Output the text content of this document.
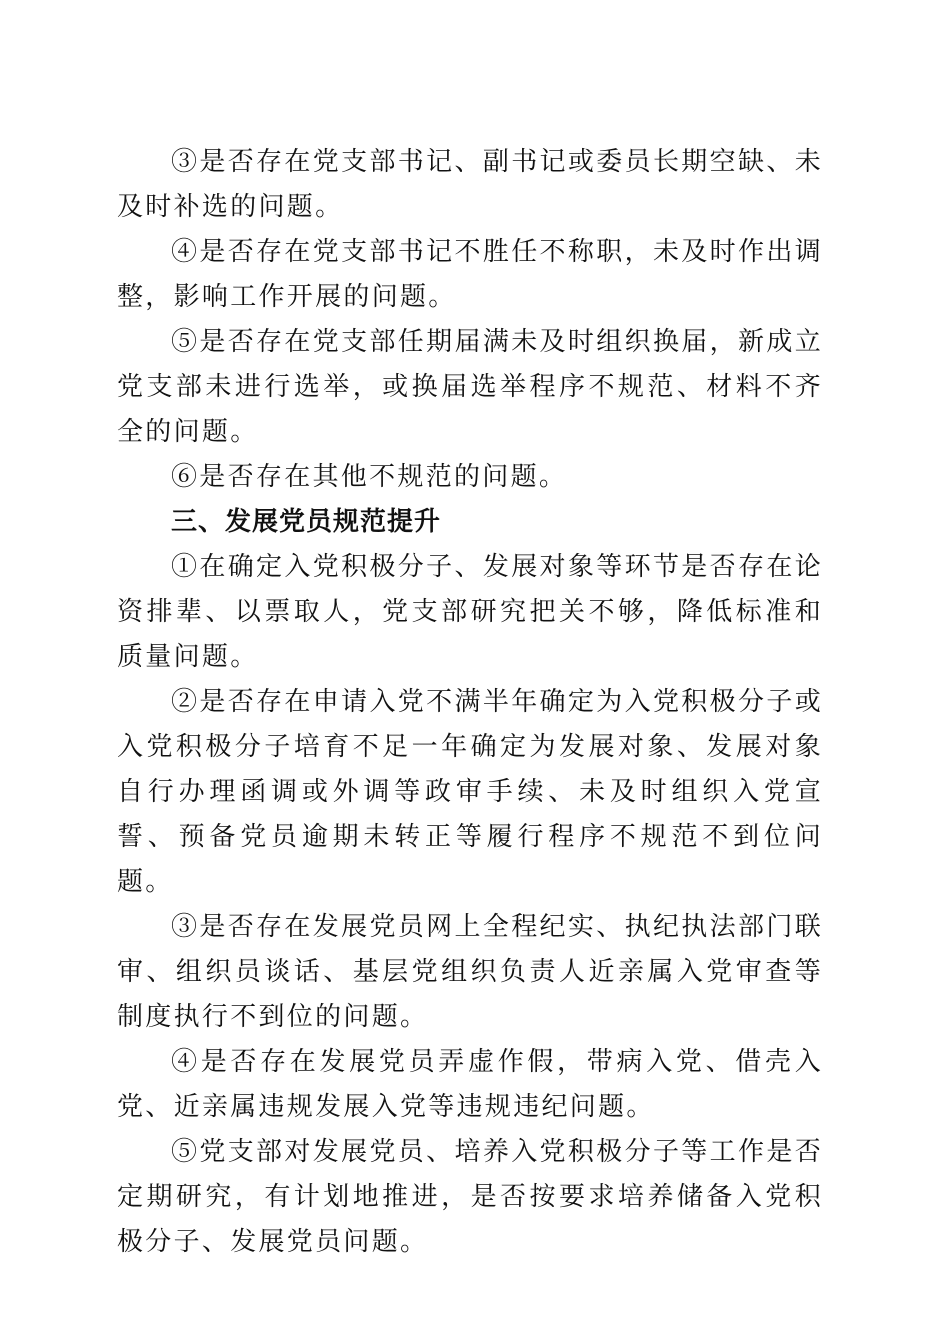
③是否存在党支部书记、副书记或委员长期空缺、未及时补选的问题。

④是否存在党支部书记不胜任不称职，未及时作出调整，影响工作开展的问题。

⑤是否存在党支部任期届满未及时组织换届，新成立党支部未进行选举，或换届选举程序不规范、材料不齐全的问题。

⑥是否存在其他不规范的问题。

三、发展党员规范提升

①在确定入党积极分子、发展对象等环节是否存在论资排辈、以票取人，党支部研究把关不够，降低标准和质量问题。

②是否存在申请入党不满半年确定为入党积极分子或入党积极分子培育不足一年确定为发展对象、发展对象自行办理函调或外调等政审手续、未及时组织入党宣誓、预备党员逾期未转正等履行程序不规范不到位问题。

③是否存在发展党员网上全程纪实、执纪执法部门联审、组织员谈话、基层党组织负责人近亲属入党审查等制度执行不到位的问题。

④是否存在发展党员弄虚作假，带病入党、借壳入党、近亲属违规发展入党等违规违纪问题。

⑤党支部对发展党员、培养入党积极分子等工作是否定期研究，有计划地推进，是否按要求培养储备入党积极分子、发展党员问题。
